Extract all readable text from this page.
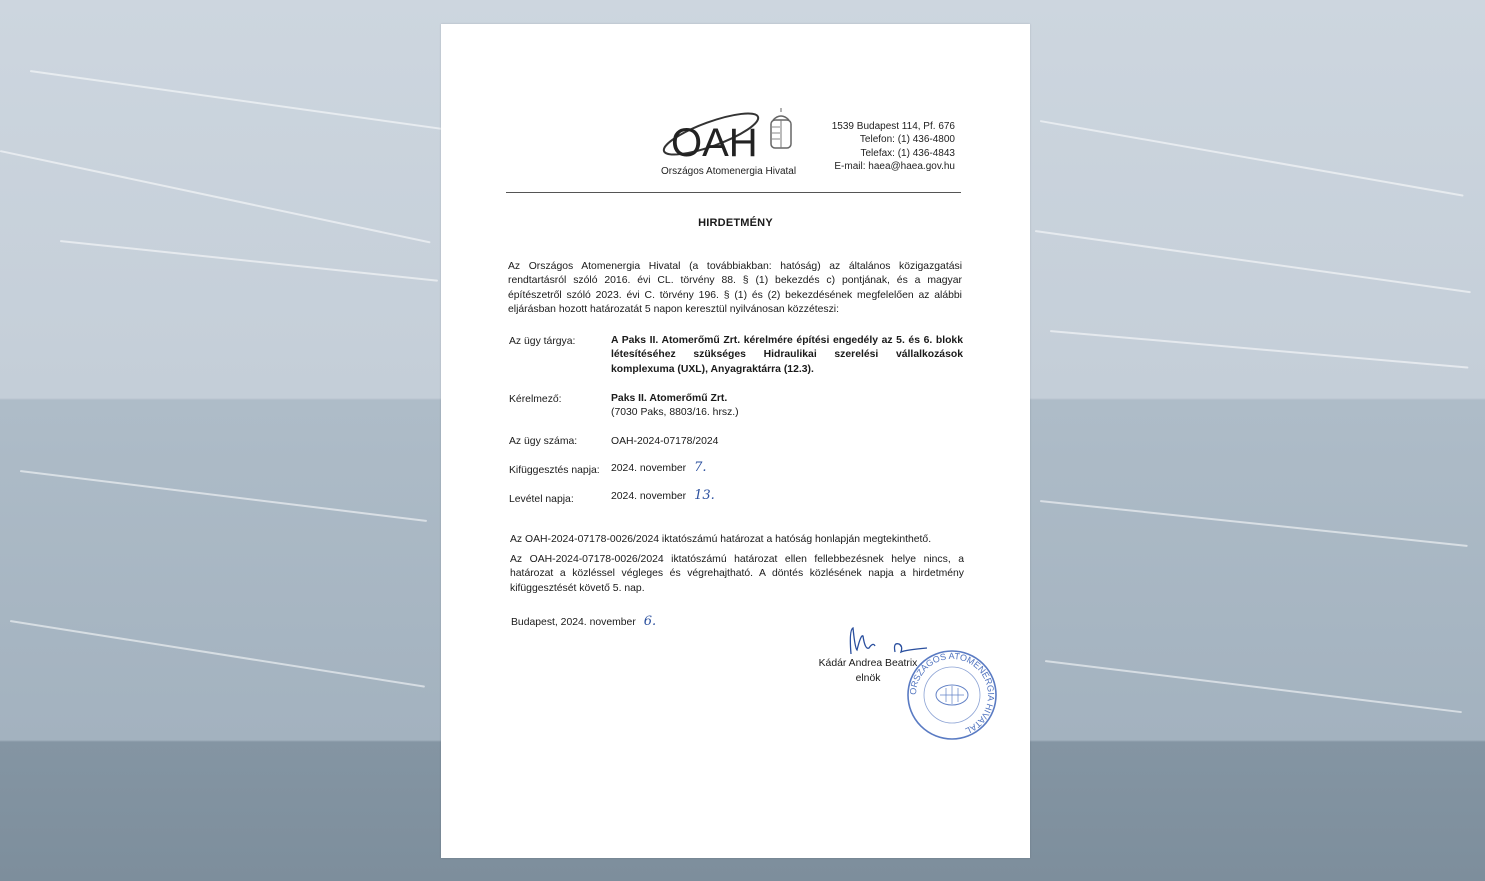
OAH
Országos Atomenergia Hivatal
1539 Budapest 114, Pf. 676
Telefon: (1) 436-4800
Telefax: (1) 436-4843
E-mail: haea@haea.gov.hu
HIRDETMÉNY
Az Országos Atomenergia Hivatal (a továbbiakban: hatóság) az általános közigazgatási rendtartásról szóló 2016. évi CL. törvény 88. § (1) bekezdés c) pontjának, és a magyar építészetről szóló 2023. évi C. törvény 196. § (1) és (2) bekezdésének megfelelően az alábbi eljárásban hozott határozatát 5 napon keresztül nyilvánosan közzéteszi:
Az ügy tárgya:	A Paks II. Atomerőmű Zrt. kérelmére építési engedély az 5. és 6. blokk létesítéséhez szükséges Hidraulikai szerelési vállalkozások komplexuma (UXL), Anyagraktárra (12.3).
Kérelmező:	Paks II. Atomerőmű Zrt.
(7030 Paks, 8803/16. hrsz.)
Az ügy száma:	OAH-2024-07178/2024
Kifüggesztés napja: 2024. november 7.
Levétel napja:	2024. november 13.
Az OAH-2024-07178-0026/2024 iktatószámú határozat a hatóság honlapján megtekinthető.
Az OAH-2024-07178-0026/2024 iktatószámú határozat ellen fellebbezésnek helye nincs, a határozat a közléssel végleges és végrehajtható. A döntés közlésének napja a hirdetmény kifüggesztését követő 5. nap.
Budapest, 2024. november 6.
Kádár Andrea Beatrix
elnök
ORSZÁGOS ATOMENERGIA HIVATAL
